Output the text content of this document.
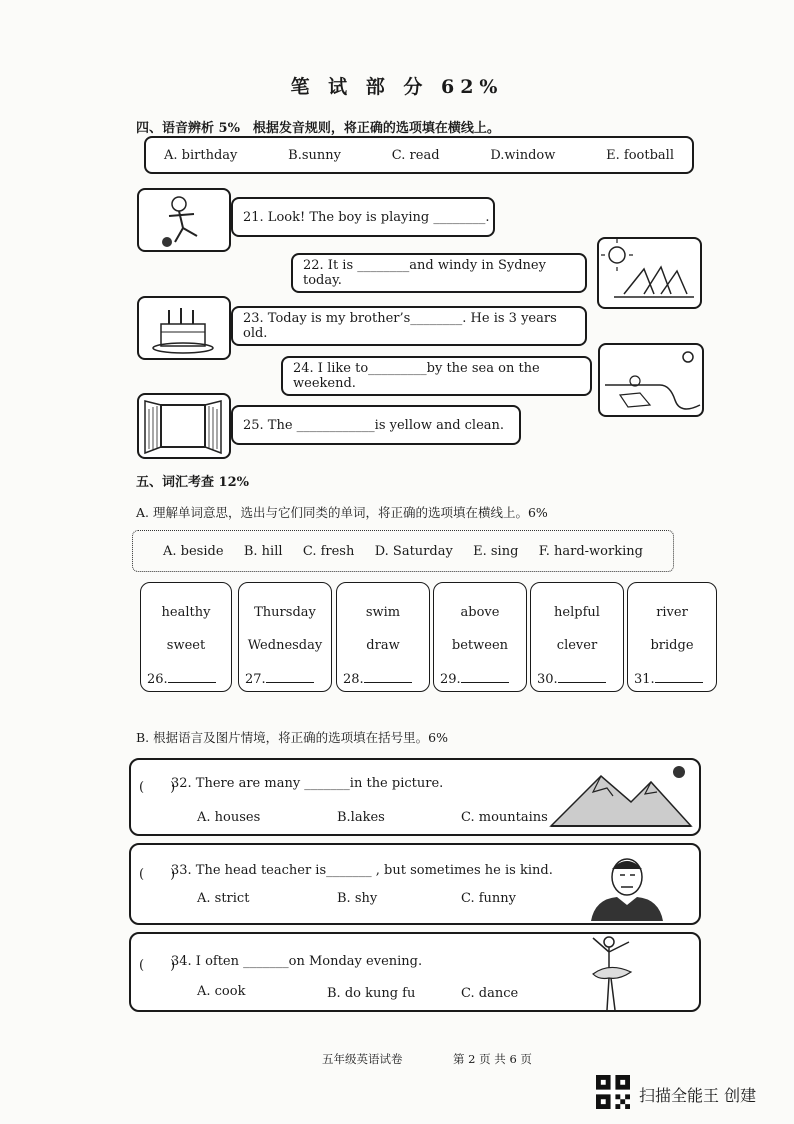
笔 试 部 分 62%
四、语音辨析 5%　根据发音规则，将正确的选项填在横线上。
A. birthday	B.sunny	C. read	D.window	E. football
21. Look! The boy is playing ________.
22. It is ________and windy in Sydney today.
23. Today is my brother’s________. He is 3 years old.
24. I like to_________by the sea on the weekend.
25. The ____________is yellow and clean.
五、词汇考查 12%
A. 理解单词意思，选出与它们同类的单词，将正确的选项填在横线上。6%
A. beside B. hill C. fresh D. Saturday E. sing F. hard-working
healthy
sweet
26.
Thursday
Wednesday
27.
swim
draw
28.
above
between
29.
helpful
clever
30.
river
bridge
31.
B. 根据语言及图片情境，将正确的选项填在括号里。6%
(　　)
32. There are many _______in the picture.
A. houses	B.lakes	C. mountains
(　　)
33. The head teacher is_______ , but sometimes he is kind.
A. strict	B. shy	C. funny
(　　)
34. I often _______on Monday evening.
A. cook	B. do kung fu	C. dance
五年级英语试卷	第 2 页 共 6 页
扫描全能王 创建
